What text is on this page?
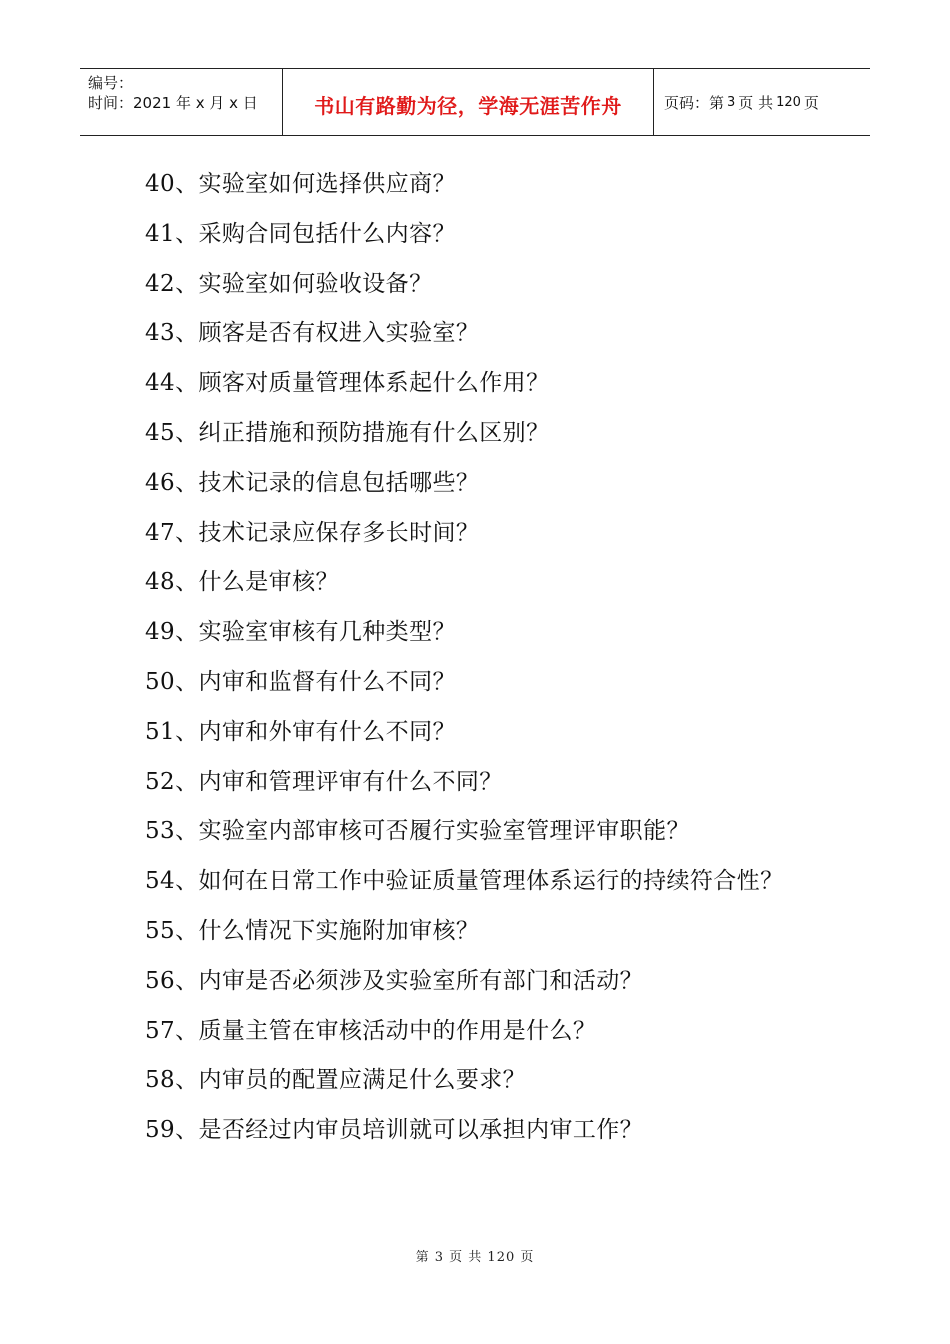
编号：
时间：2021 年 x 月 x 日	书山有路勤为径，学海无涯苦作舟	页码：第 3 页 共 120 页
40、实验室如何选择供应商？
41、采购合同包括什么内容？
42、实验室如何验收设备？
43、顾客是否有权进入实验室？
44、顾客对质量管理体系起什么作用？
45、纠正措施和预防措施有什么区别？
46、技术记录的信息包括哪些？
47、技术记录应保存多长时间？
48、什么是审核？
49、实验室审核有几种类型？
50、内审和监督有什么不同？
51、内审和外审有什么不同？
52、内审和管理评审有什么不同？
53、实验室内部审核可否履行实验室管理评审职能？
54、如何在日常工作中验证质量管理体系运行的持续符合性？
55、什么情况下实施附加审核？
56、内审是否必须涉及实验室所有部门和活动？
57、质量主管在审核活动中的作用是什么？
58、内审员的配置应满足什么要求？
59、是否经过内审员培训就可以承担内审工作？
第 3 页 共 120 页
